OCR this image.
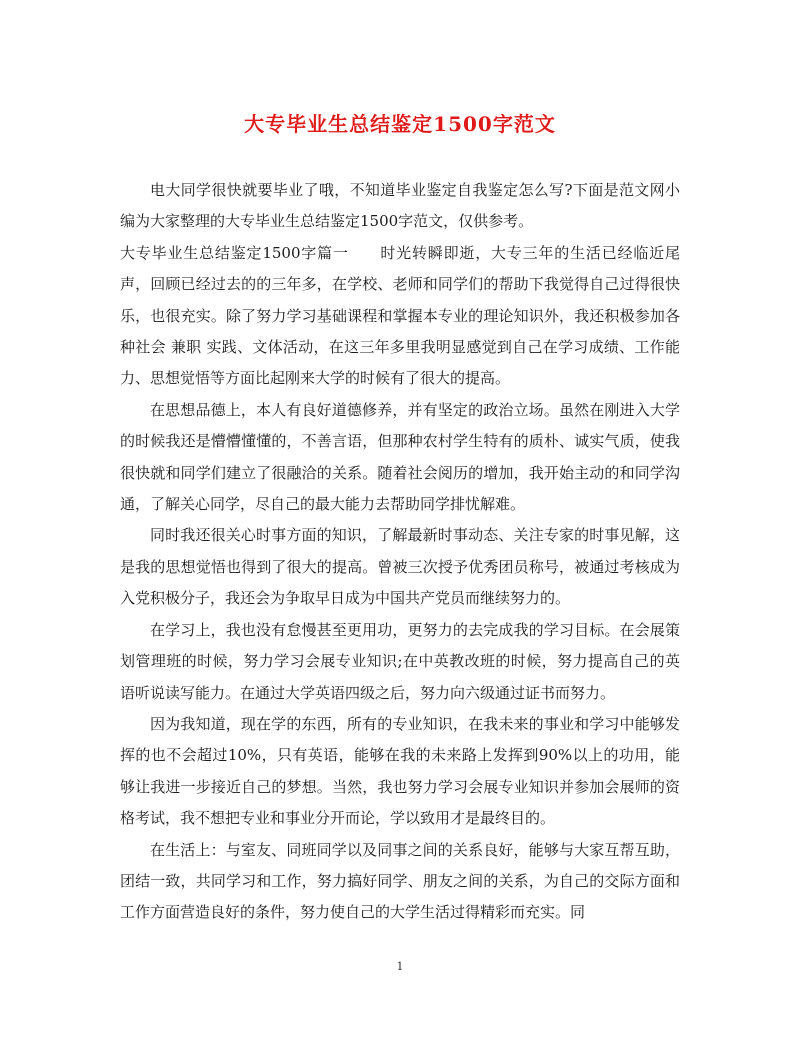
大专毕业生总结鉴定1500字范文

电大同学很快就要毕业了哦，不知道毕业鉴定自我鉴定怎么写?下面是范文网小编为大家整理的大专毕业生总结鉴定1500字范文，仅供参考。

大专毕业生总结鉴定1500字篇一　　时光转瞬即逝，大专三年的生活已经临近尾声，回顾已经过去的的三年多，在学校、老师和同学们的帮助下我觉得自己过得很快乐，也很充实。除了努力学习基础课程和掌握本专业的理论知识外，我还积极参加各种社会 兼职 实践、文体活动，在这三年多里我明显感觉到自己在学习成绩、工作能力、思想觉悟等方面比起刚来大学的时候有了很大的提高。

在思想品德上，本人有良好道德修养，并有坚定的政治立场。虽然在刚进入大学的时候我还是懵懵懂懂的，不善言语，但那种农村学生特有的质朴、诚实气质，使我很快就和同学们建立了很融洽的关系。随着社会阅历的增加，我开始主动的和同学沟通，了解关心同学，尽自己的最大能力去帮助同学排忧解难。

同时我还很关心时事方面的知识，了解最新时事动态、关注专家的时事见解，这是我的思想觉悟也得到了很大的提高。曾被三次授予优秀团员称号，被通过考核成为入党积极分子，我还会为争取早日成为中国共产党员而继续努力的。

在学习上，我也没有怠慢甚至更用功，更努力的去完成我的学习目标。在会展策划管理班的时候，努力学习会展专业知识;在中英教改班的时候，努力提高自己的英语听说读写能力。在通过大学英语四级之后，努力向六级通过证书而努力。

因为我知道，现在学的东西，所有的专业知识，在我未来的事业和学习中能够发挥的也不会超过10%，只有英语，能够在我的未来路上发挥到90%以上的功用，能够让我进一步接近自己的梦想。当然，我也努力学习会展专业知识并参加会展师的资格考试，我不想把专业和事业分开而论，学以致用才是最终目的。

在生活上：与室友、同班同学以及同事之间的关系良好，能够与大家互帮互助，团结一致，共同学习和工作，努力搞好同学、朋友之间的关系，为自己的交际方面和工作方面营造良好的条件，努力使自己的大学生活过得精彩而充实。同

1
